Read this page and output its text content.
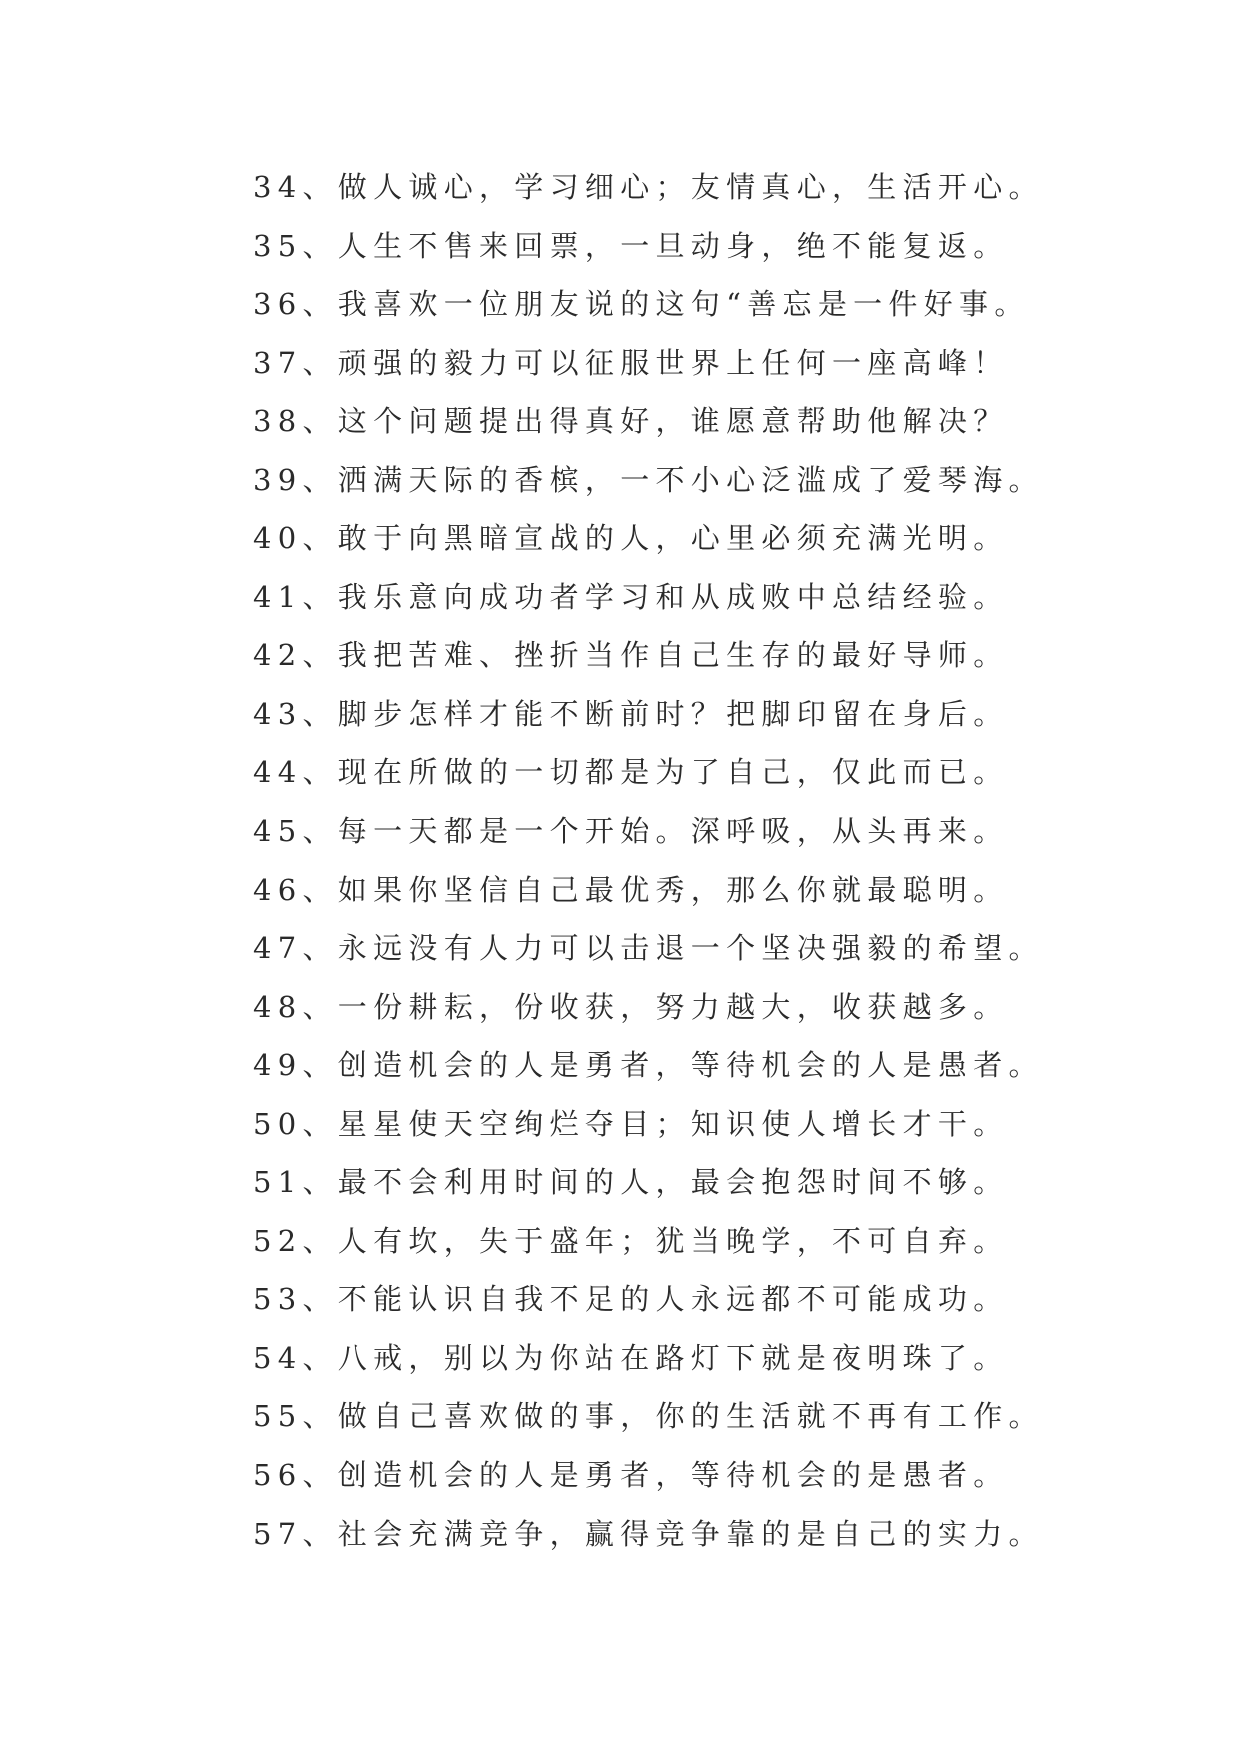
34、做人诚心，学习细心；友情真心，生活开心。
35、人生不售来回票，一旦动身，绝不能复返。
36、我喜欢一位朋友说的这句“善忘是一件好事。
37、顽强的毅力可以征服世界上任何一座高峰！
38、这个问题提出得真好，谁愿意帮助他解决？
39、洒满天际的香槟，一不小心泛滥成了爱琴海。
40、敢于向黑暗宣战的人，心里必须充满光明。
41、我乐意向成功者学习和从成败中总结经验。
42、我把苦难、挫折当作自己生存的最好导师。
43、脚步怎样才能不断前时？把脚印留在身后。
44、现在所做的一切都是为了自己，仅此而已。
45、每一天都是一个开始。深呼吸，从头再来。
46、如果你坚信自己最优秀，那么你就最聪明。
47、永远没有人力可以击退一个坚决强毅的希望。
48、一份耕耘，份收获，努力越大，收获越多。
49、创造机会的人是勇者，等待机会的人是愚者。
50、星星使天空绚烂夺目；知识使人增长才干。
51、最不会利用时间的人，最会抱怨时间不够。
52、人有坎，失于盛年；犹当晚学，不可自弃。
53、不能认识自我不足的人永远都不可能成功。
54、八戒，别以为你站在路灯下就是夜明珠了。
55、做自己喜欢做的事，你的生活就不再有工作。
56、创造机会的人是勇者，等待机会的是愚者。
57、社会充满竞争，赢得竞争靠的是自己的实力。
